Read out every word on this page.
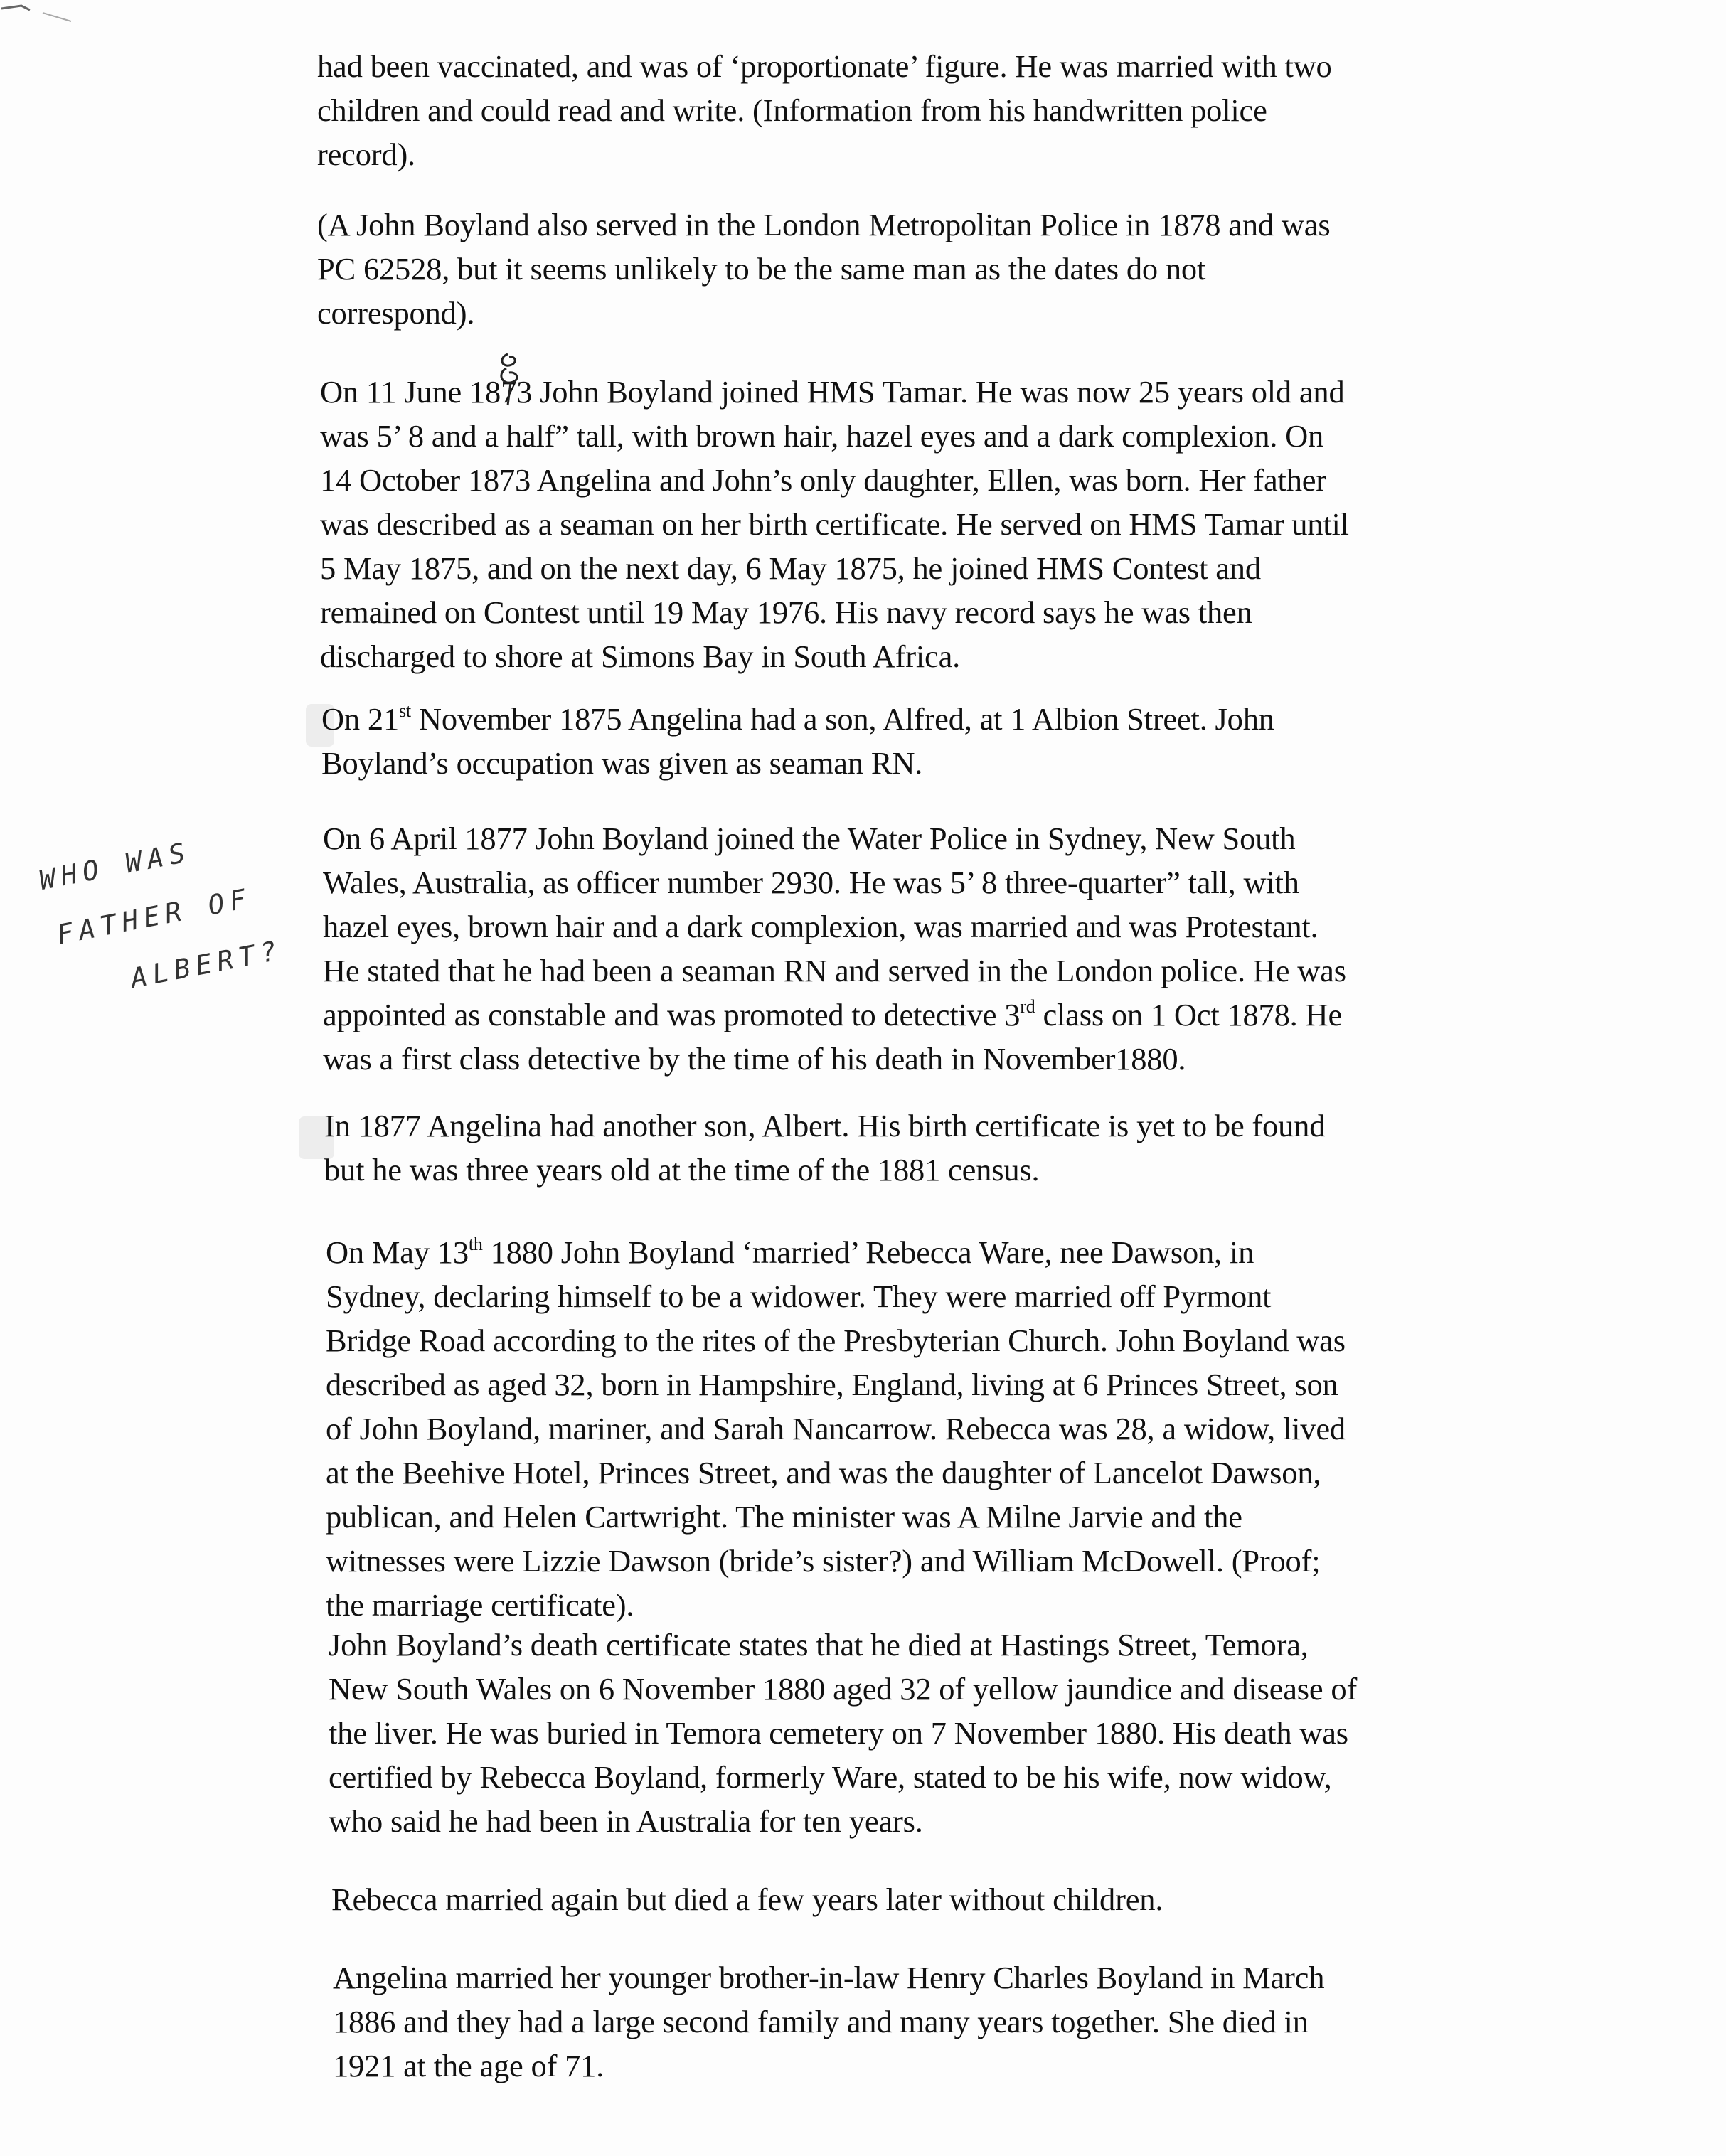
had been vaccinated, and was of ‘proportionate’ figure. He was married with two
children and could read and write. (Information from his handwritten police
record).
(A John Boyland also served in the London Metropolitan Police in 1878 and was
PC 62528, but it seems unlikely to be the same man as the dates do not
correspond).
On 11 June 1873 John Boyland joined HMS Tamar. He was now 25 years old and
was 5’ 8 and a half” tall, with brown hair, hazel eyes and a dark complexion. On
14 October 1873 Angelina and John’s only daughter, Ellen, was born. Her father
was described as a seaman on her birth certificate. He served on HMS Tamar until
5 May 1875, and on the next day, 6 May 1875, he joined HMS Contest and
remained on Contest until 19 May 1976. His navy record says he was then
discharged to shore at Simons Bay in South Africa.
On 21st November 1875 Angelina had a son, Alfred, at 1 Albion Street. John
Boyland’s occupation was given as seaman RN.
On 6 April 1877 John Boyland joined the Water Police in Sydney, New South
Wales, Australia, as officer number 2930. He was 5’ 8 three-quarter” tall, with
hazel eyes, brown hair and a dark complexion, was married and was Protestant.
He stated that he had been a seaman RN and served in the London police. He was
appointed as constable and was promoted to detective 3rd class on 1 Oct 1878. He
was a first class detective by the time of his death in November1880.
In 1877 Angelina had another son, Albert. His birth certificate is yet to be found
but he was three years old at the time of the 1881 census.
On May 13th 1880 John Boyland ‘married’ Rebecca Ware, nee Dawson, in
Sydney, declaring himself to be a widower. They were married off Pyrmont
Bridge Road according to the rites of the Presbyterian Church. John Boyland was
described as aged 32, born in Hampshire, England, living at 6 Princes Street, son
of John Boyland, mariner, and Sarah Nancarrow. Rebecca was 28, a widow, lived
at the Beehive Hotel, Princes Street, and was the daughter of Lancelot Dawson,
publican, and Helen Cartwright. The minister was A Milne Jarvie and the
witnesses were Lizzie Dawson (bride’s sister?) and William McDowell. (Proof;
the marriage certificate).
John Boyland’s death certificate states that he died at Hastings Street, Temora,
New South Wales on 6 November 1880 aged 32 of yellow jaundice and disease of
the liver. He was buried in Temora cemetery on 7 November 1880. His death was
certified by Rebecca Boyland, formerly Ware, stated to be his wife, now widow,
who said he had been in Australia for ten years.
Rebecca married again but died a few years later without children.
Angelina married her younger brother-in-law Henry Charles Boyland in March
1886 and they had a large second family and many years together. She died in
1921 at the age of 71.
WHO WAS
FATHER OF
ALBERT?
